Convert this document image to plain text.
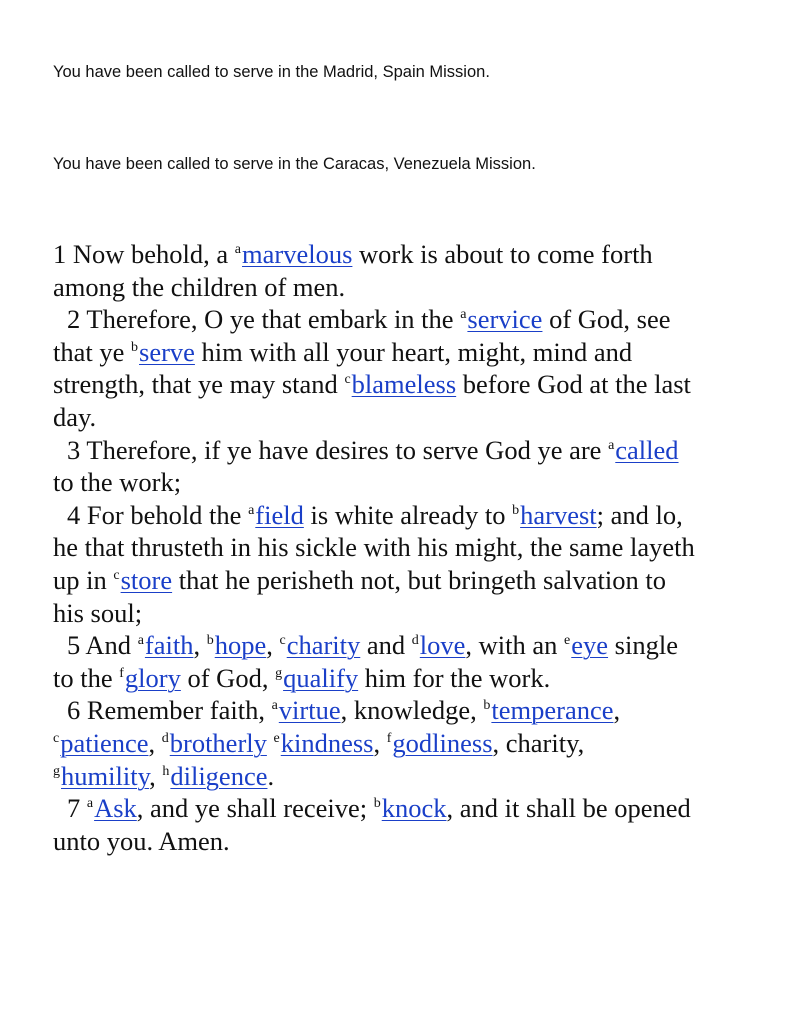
You have been called to serve in the Madrid, Spain Mission.
You have been called to serve in the Caracas, Venezuela Mission.
1 Now behold, a $^a$marvelous work is about to come forth
among the children of men.
2 Therefore, O ye that embark in the $^a$service of God, see
that ye $^b$serve him with all your heart, might, mind and
strength, that ye may stand $^c$blameless before God at the last
day.
3 Therefore, if ye have desires to serve God ye are $^a$called
to the work;
4 For behold the $^a$field is white already to $^b$harvest; and lo,
he that thrusteth in his sickle with his might, the same layeth
up in $^c$store that he perisheth not, but bringeth salvation to
his soul;
5 And $^a$faith, $^b$hope, $^c$charity and $^d$love, with an $^e$eye single
to the $^f$glory of God, $^g$qualify him for the work.
6 Remember faith, $^a$virtue, knowledge, $^b$temperance,
$^c$patience, $^d$brotherly $^e$kindness, $^f$godliness, charity,
$^g$humility, $^h$diligence.
7 $^a$Ask, and ye shall receive; $^b$knock, and it shall be opened
unto you. Amen.
